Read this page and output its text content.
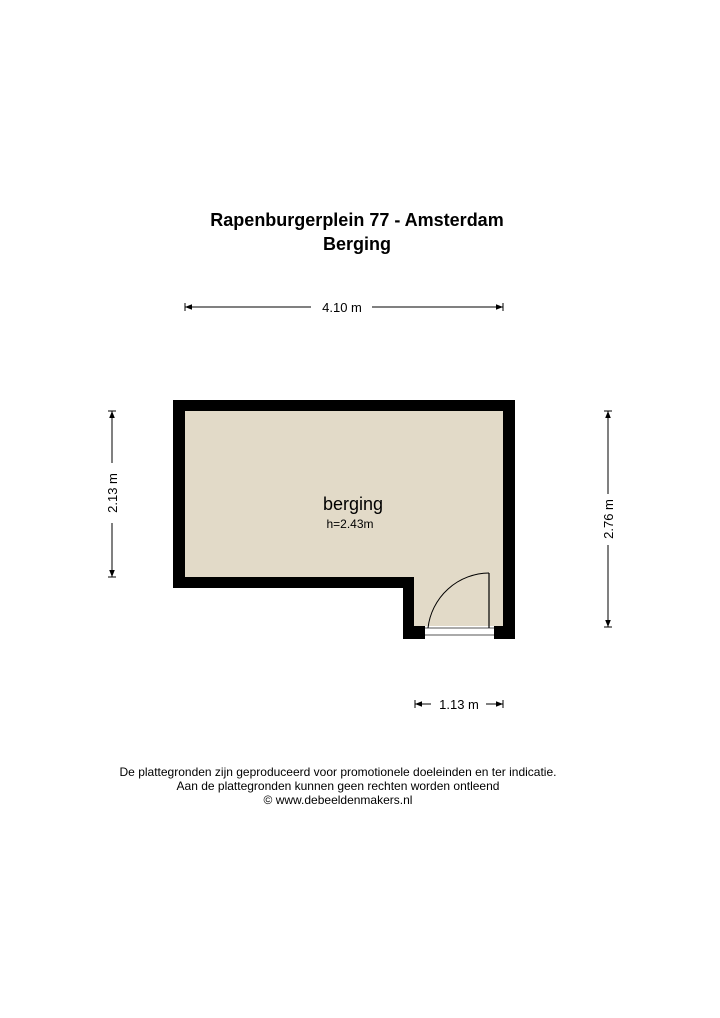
Rapenburgerplein 77 - Amsterdam
Berging
berging
h=2.43m
4.10 m
2.13 m
2.76 m
1.13 m
De plattegronden zijn geproduceerd voor promotionele doeleinden en ter indicatie.
Aan de plattegronden kunnen geen rechten worden ontleend
© www.debeeldenmakers.nl
